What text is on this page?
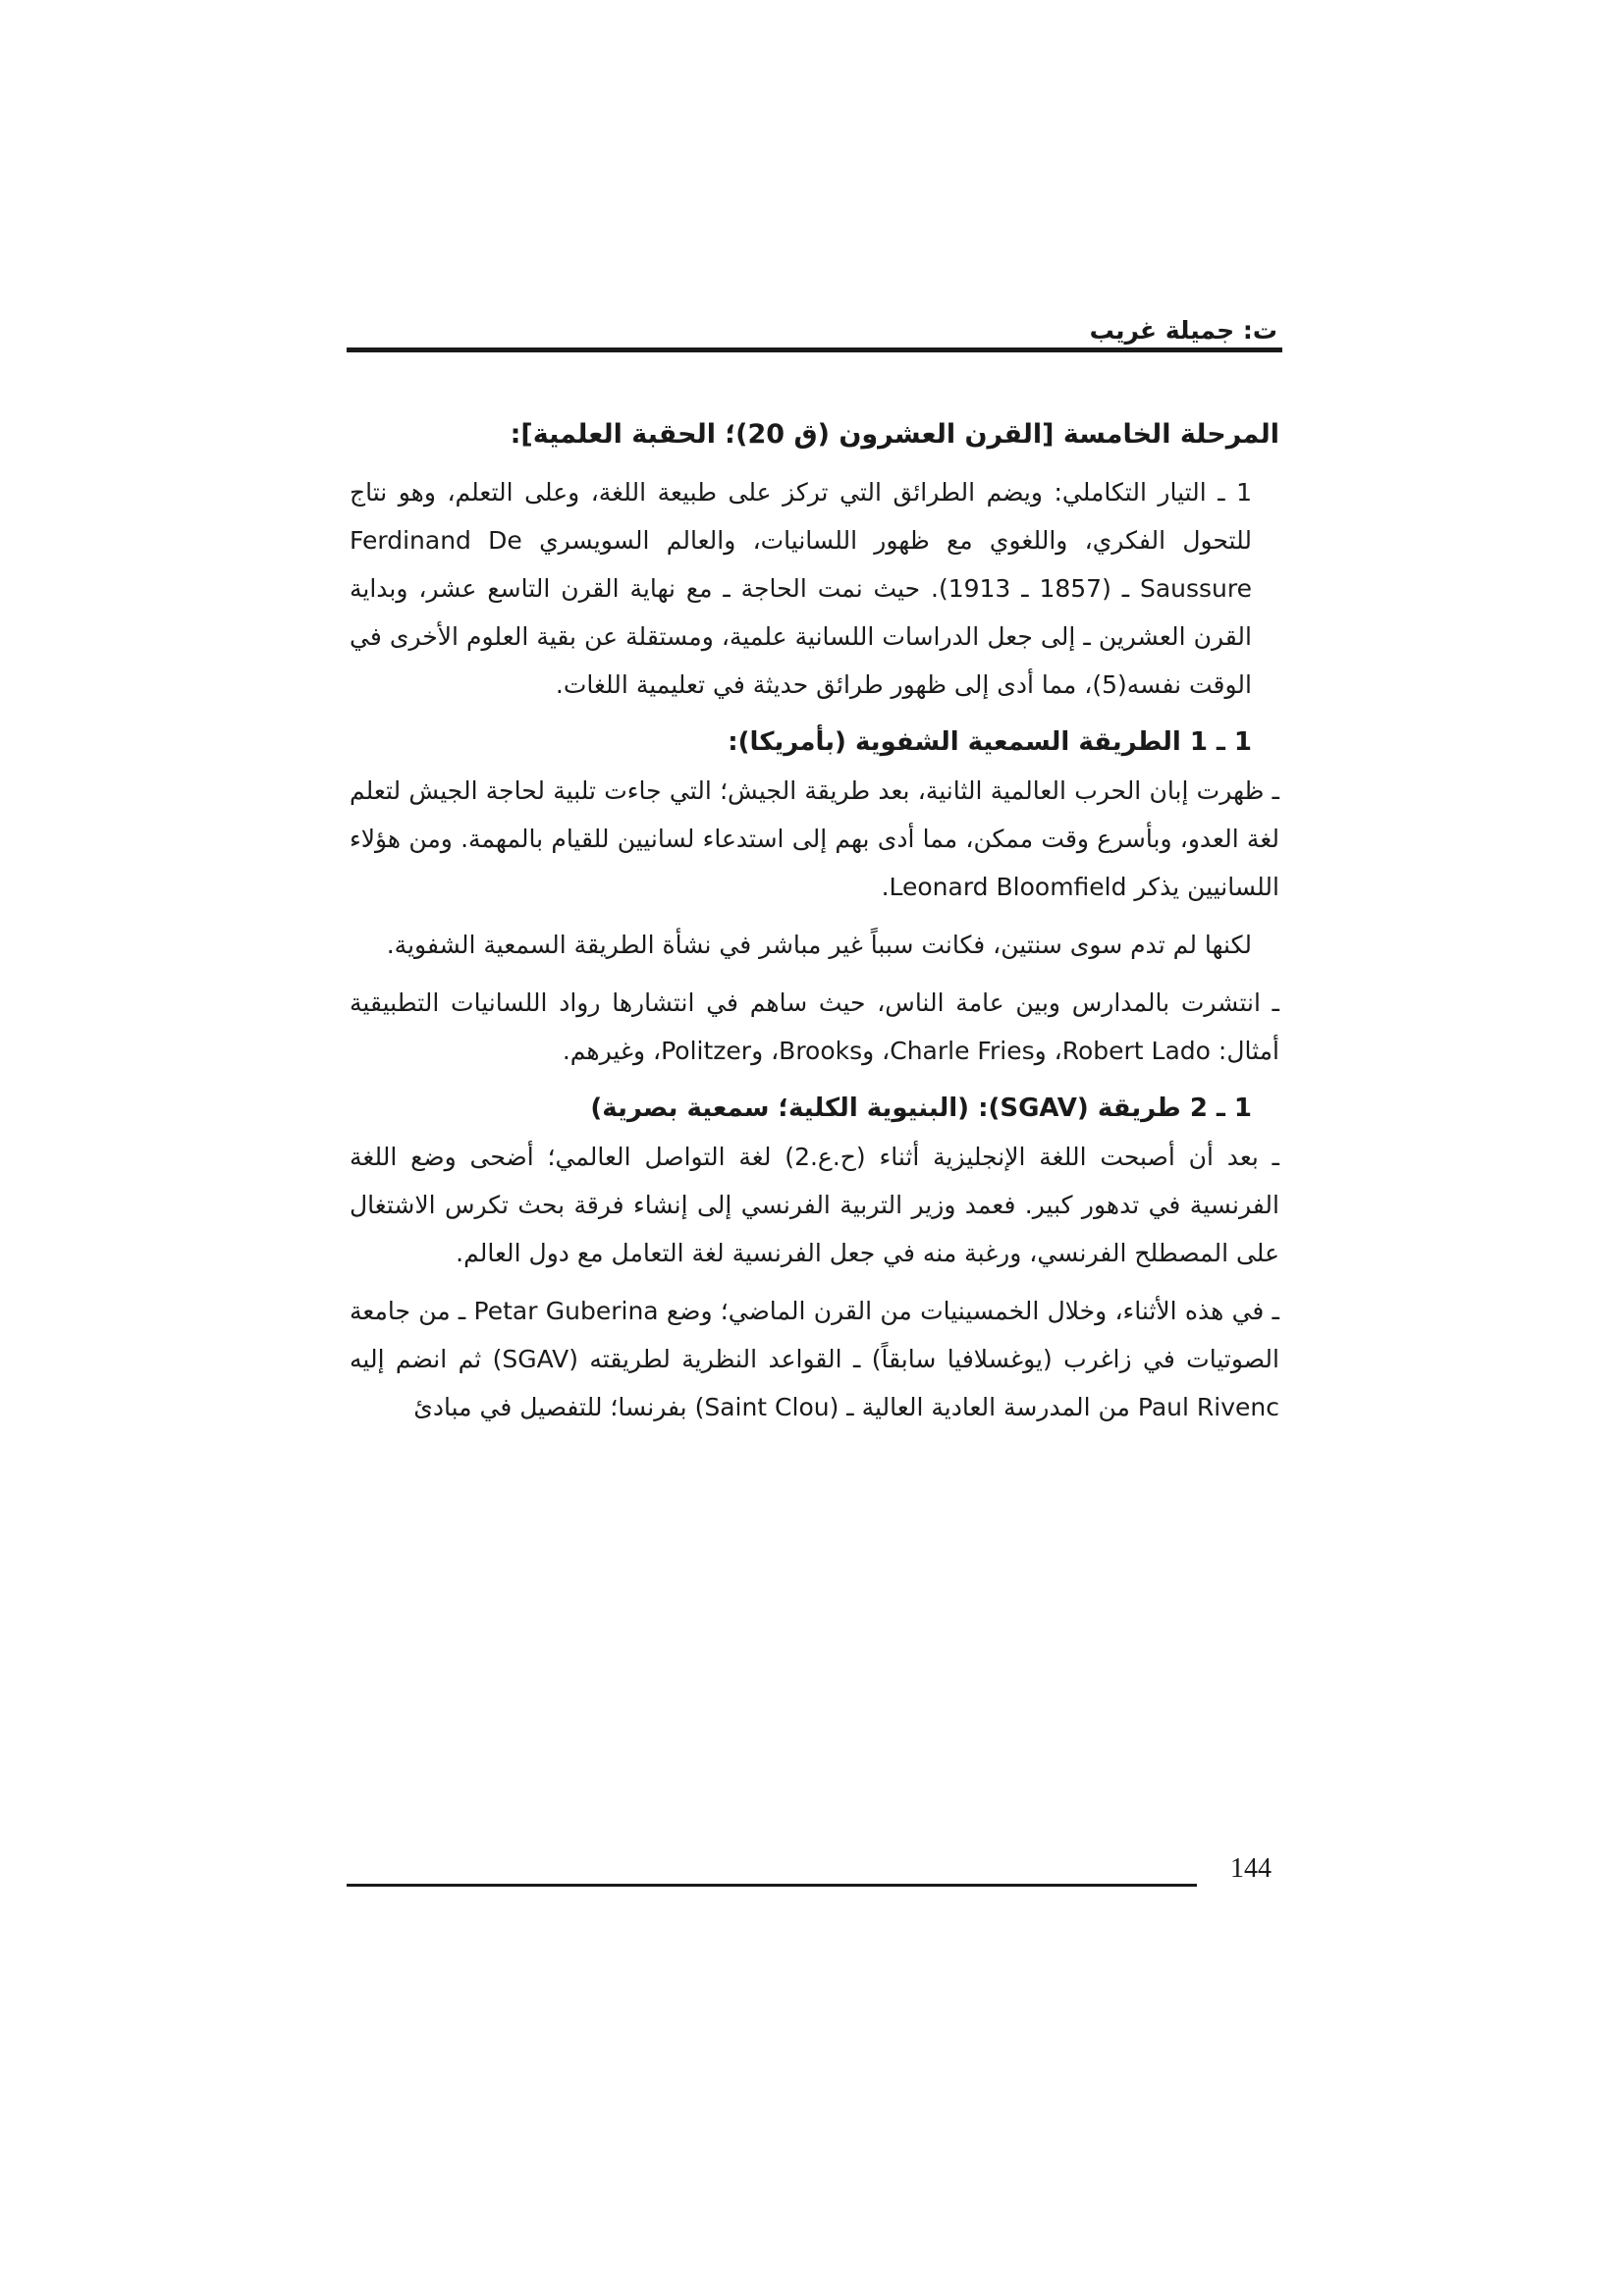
ت: جميلة غريب

المرحلة الخامسة [القرن العشرون (ق 20)؛ الحقبة العلمية]:

1 ـ التيار التكاملي: ويضم الطرائق التي تركز على طبيعة اللغة، وعلى التعلم، وهو نتاج للتحول الفكري، واللغوي مع ظهور اللسانيات، والعالم السويسري Ferdinand De Saussure ـ (1857 ـ 1913). حيث نمت الحاجة ـ مع نهاية القرن التاسع عشر، وبداية القرن العشرين ـ إلى جعل الدراسات اللسانية علمية، ومستقلة عن بقية العلوم الأخرى في الوقت نفسه(5)، مما أدى إلى ظهور طرائق حديثة في تعليمية اللغات.

1 ـ 1 الطريقة السمعية الشفوية (بأمريكا):

ـ ظهرت إبان الحرب العالمية الثانية، بعد طريقة الجيش؛ التي جاءت تلبية لحاجة الجيش لتعلم لغة العدو، وبأسرع وقت ممكن، مما أدى بهم إلى استدعاء لسانيين للقيام بالمهمة. ومن هؤلاء اللسانيين يذكر Leonard Bloomfield.

لكنها لم تدم سوى سنتين، فكانت سبباً غير مباشر في نشأة الطريقة السمعية الشفوية.

ـ انتشرت بالمدارس وبين عامة الناس، حيث ساهم في انتشارها رواد اللسانيات التطبيقية أمثال: Robert Lado، وCharle Fries، وBrooks، وPolitzer، وغيرهم.

1 ـ 2 طريقة (SGAV): (البنيوية الكلية؛ سمعية بصرية)

ـ بعد أن أصبحت اللغة الإنجليزية أثناء (ح.ع.2) لغة التواصل العالمي؛ أضحى وضع اللغة الفرنسية في تدهور كبير. فعمد وزير التربية الفرنسي إلى إنشاء فرقة بحث تكرس الاشتغال على المصطلح الفرنسي، ورغبة منه في جعل الفرنسية لغة التعامل مع دول العالم.

ـ في هذه الأثناء، وخلال الخمسينيات من القرن الماضي؛ وضع Petar Guberina ـ من جامعة الصوتيات في زاغرب (يوغسلافيا سابقاً) ـ القواعد النظرية لطريقته (SGAV) ثم انضم إليه Paul Rivenc من المدرسة العادية العالية ـ (Saint Clou) بفرنسا؛ للتفصيل في مبادئ

144
